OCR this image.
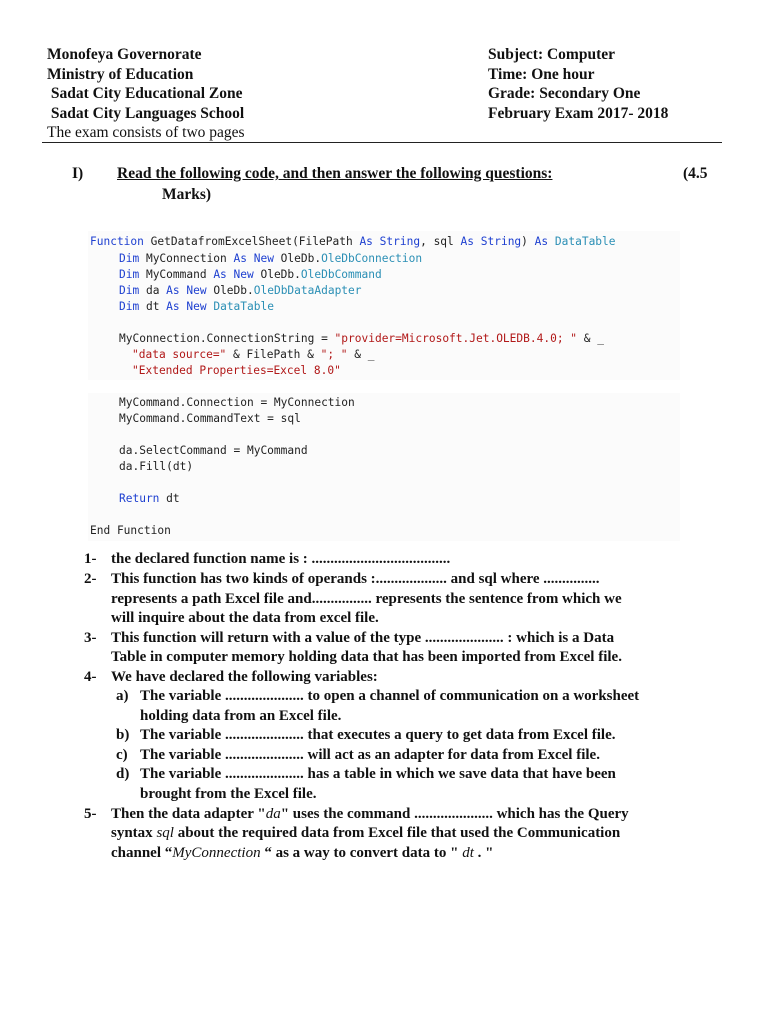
Monofeya Governorate
Ministry of Education
Sadat City Educational Zone
Sadat City Languages School
The exam consists of two pages
Subject: Computer
Time: One hour
Grade: Secondary One
February Exam 2017- 2018
I) Read the following code, and then answer the following questions:	(4.5
Marks)
Function GetDatafromExcelSheet(FilePath As String, sql As String) As DataTable
Dim MyConnection As New OleDb.OleDbConnection
Dim MyCommand As New OleDb.OleDbCommand
Dim da As New OleDb.OleDbDataAdapter
Dim dt As New DataTable
MyConnection.ConnectionString = "provider=Microsoft.Jet.OLEDB.4.0; " & _
"data source=" & FilePath & "; " & _
"Extended Properties=Excel 8.0"
MyCommand.Connection = MyConnection
MyCommand.CommandText = sql
da.SelectCommand = MyCommand
da.Fill(dt)
Return dt
End Function
1- the declared function name is : .....................................
2- This function has two kinds of operands :................... and sql where ...............
represents a path Excel file and................ represents the sentence from which we
will inquire about the data from excel file.
3- This function will return with a value of the type ..................... : which is a Data
Table in computer memory holding data that has been imported from Excel file.
4- We have declared the following variables:
a) The variable ..................... to open a channel of communication on a worksheet
holding data from an Excel file.
b) The variable ..................... that executes a query to get data from Excel file.
c) The variable ..................... will act as an adapter for data from Excel file.
d) The variable ..................... has a table in which we save data that have been
brought from the Excel file.
5- Then the data adapter "da" uses the command ..................... which has the Query
syntax sql about the required data from Excel file that used the Communication
channel “MyConnection “ as a way to convert data to " dt . "
